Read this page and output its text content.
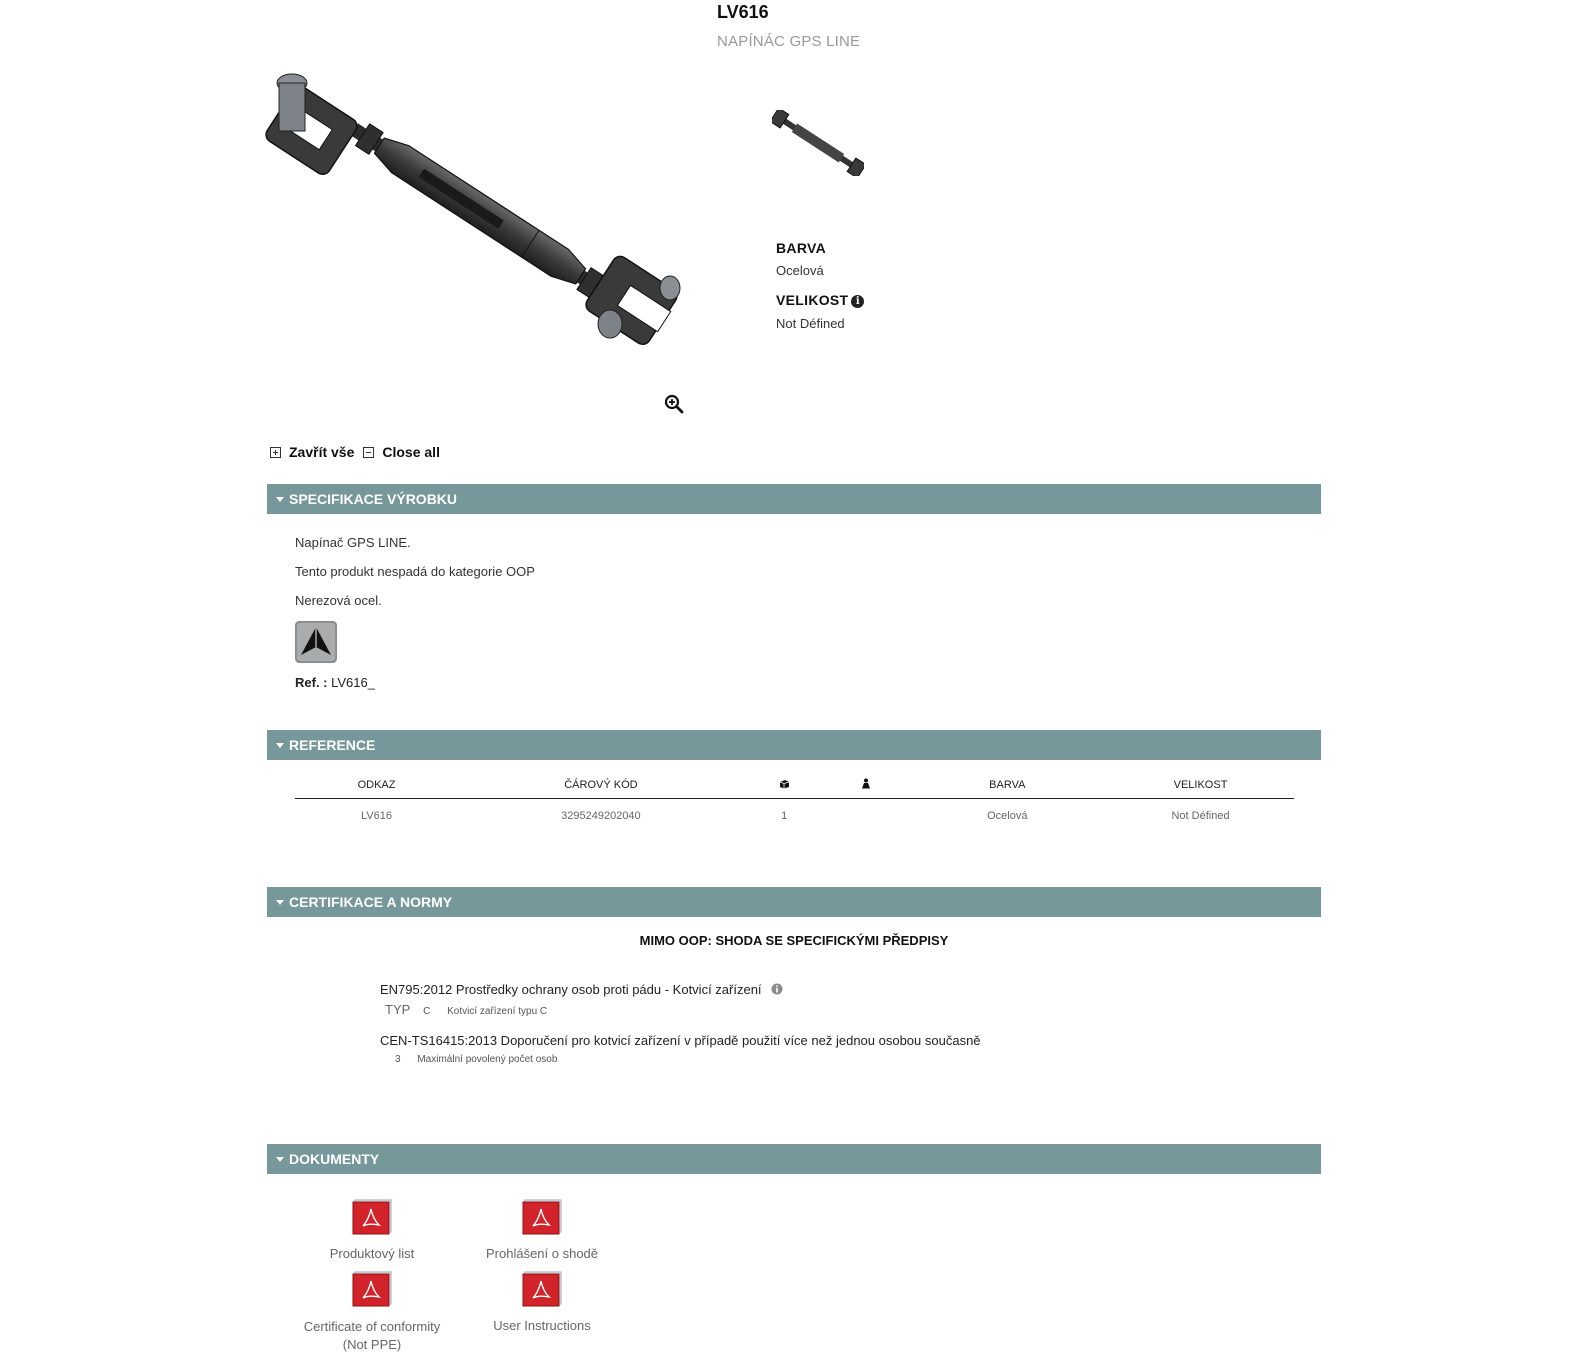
LV616
NAPÍNÁC GPS LINE
BARVA
Ocelová
VELIKOST i
Not Défined
Zavřít vše Close all
SPECIFIKACE VÝROBKU
Napínač GPS LINE.
Tento produkt nespadá do kategorie OOP
Nerezová ocel.
Ref. : LV616_
REFERENCE
ODKAZ	ČÁROVÝ KÓD			BARVA	VELIKOST
LV616	3295249202040	1		Ocelová	Not Défined
CERTIFIKACE A NORMY
MIMO OOP: SHODA SE SPECIFICKÝMI PŘEDPISY
EN795:2012 Prostředky ochrany osob proti pádu - Kotvicí zařízení
TYP C Kotvicí zařízení typu C
CEN-TS16415:2013 Doporučení pro kotvicí zařízení v případě použití více než jednou osobou současně
3 Maximální povolený počet osob
DOKUMENTY
Produktový list	Prohlášení o shodě
Certificate of conformity (Not PPE)
User Instructions
